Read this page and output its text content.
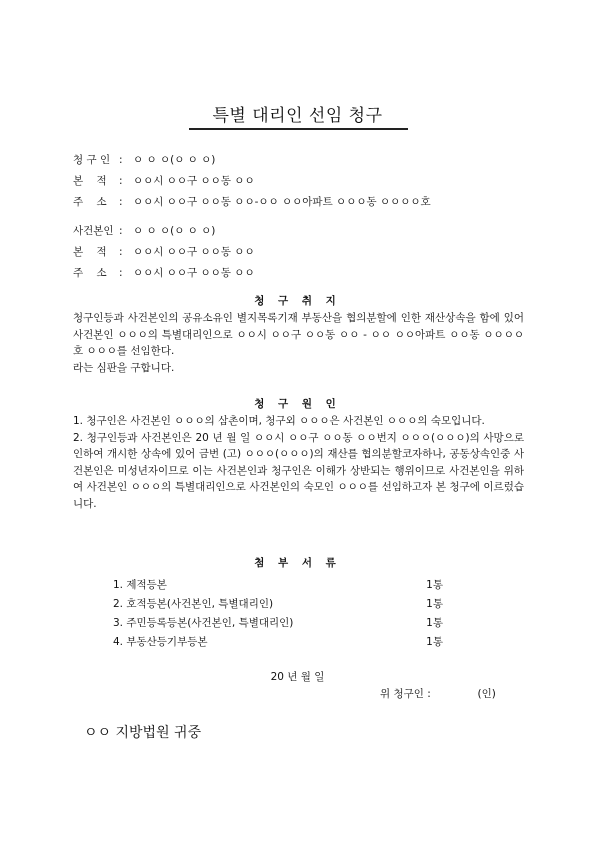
특별 대리인 선임 청구
청 구 인 : ㅇ ㅇ ㅇ(ㅇ ㅇ ㅇ)
본    적	: ㅇㅇ시 ㅇㅇ구 ㅇㅇ동 ㅇㅇ
주    소	: ㅇㅇ시 ㅇㅇ구 ㅇㅇ동 ㅇㅇ-ㅇㅇ ㅇㅇ아파트 ㅇㅇㅇ동 ㅇㅇㅇㅇ호
사건본인 : ㅇ ㅇ ㅇ(ㅇ ㅇ ㅇ)
본    적	: ㅇㅇ시 ㅇㅇ구 ㅇㅇ동 ㅇㅇ
주    소	: ㅇㅇ시 ㅇㅇ구 ㅇㅇ동 ㅇㅇ
청 구 취 지

청구인등과 사건본인의 공유소유인 별지목록기재 부동산을 협의분할에 인한 재산상속을 함에 있어 사건본인 ㅇㅇㅇ의 특별대리인으로 ㅇㅇ시 ㅇㅇ구 ㅇㅇ동 ㅇㅇ - ㅇㅇ ㅇㅇ아파트 ㅇㅇ동 ㅇㅇㅇㅇ호 ㅇㅇㅇ를 선임한다.

라는 심판을 구합니다.

청 구 원 인

1. 청구인은 사건본인 ㅇㅇㅇ의 삼촌이며, 청구외 ㅇㅇㅇ은 사건본인 ㅇㅇㅇ의 숙모입니다.

2. 청구인등과 사건본인은 20 년 월 일 ㅇㅇ시 ㅇㅇ구 ㅇㅇ동 ㅇㅇ번지 ㅇㅇㅇ(ㅇㅇㅇ)의 사망으로 인하여 개시한 상속에 있어 금번 (고) ㅇㅇㅇ(ㅇㅇㅇ)의 재산를 협의분할코자하나, 공동상속인중 사건본인은 미성년자이므로 이는 사건본인과 청구인은 이해가 상반되는 행위이므로 사건본인을 위하여 사건본인 ㅇㅇㅇ의 특별대리인으로 사건본인의 숙모인 ㅇㅇㅇ를 선임하고자 본 청구에 이르렀습니다.

첨 부 서 류
1. 제적등본	1통
2. 호적등본(사건본인, 특별대리인)	1통
3. 주민등록등본(사건본인, 특별대리인)	1통
4. 부동산등기부등본	1통
20 년 월 일
위 청구인 :              (인)
ㅇㅇ 지방법원 귀중
